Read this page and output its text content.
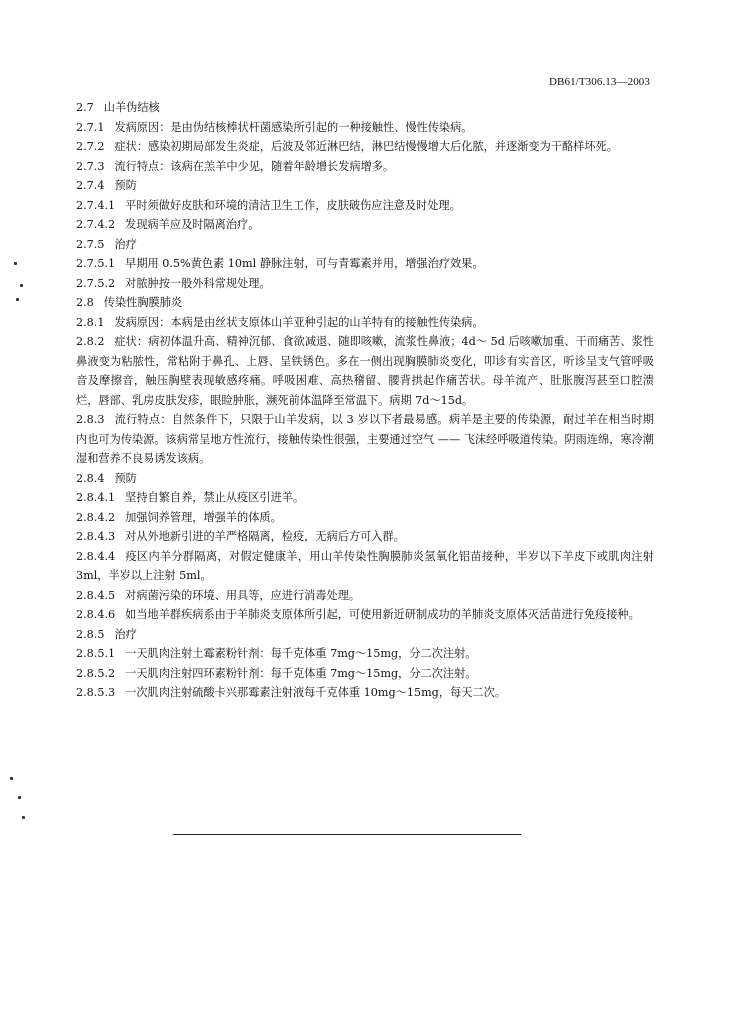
DB61/T306.13—2003
2.7 山羊伪结核
2.7.1 发病原因：是由伪结核棒状杆菌感染所引起的一种接触性、慢性传染病。
2.7.2 症状：感染初期局部发生炎症，后波及邻近淋巴结，淋巴结慢慢增大后化脓，并逐渐变为干酪样坏死。
2.7.3 流行特点：该病在羔羊中少见，随着年龄增长发病增多。
2.7.4 预防
2.7.4.1 平时须做好皮肤和环境的清洁卫生工作，皮肤破伤应注意及时处理。
2.7.4.2 发现病羊应及时隔离治疗。
2.7.5 治疗
2.7.5.1 早期用 0.5%黄色素 10ml 静脉注射，可与青霉素并用，增强治疗效果。
2.7.5.2 对脓肿按一般外科常规处理。
2.8 传染性胸膜肺炎
2.8.1 发病原因：本病是由丝状支原体山羊亚种引起的山羊特有的接触性传染病。
2.8.2 症状：病初体温升高、精神沉郁、食欲减退、随即咳嗽，流浆性鼻液；4d～ 5d 后咳嗽加重、干而痛苦、浆性鼻液变为粘脓性，常粘附于鼻孔、上唇、呈铁锈色。多在一侧出现胸膜肺炎变化，叩诊有实音区，听诊呈支气管呼吸音及摩擦音，触压胸壁表现敏感疼痛。呼吸困难、高热稽留、腰背拱起作痛苦状。母羊流产、肚胀腹泻甚至口腔溃烂，唇部、乳房皮肤发疹，眼睑肿胀，濒死前体温降至常温下。病期 7d～15d。
2.8.3 流行特点：自然条件下，只限于山羊发病，以 3 岁以下者最易感。病羊是主要的传染源，耐过羊在相当时期内也可为传染源。该病常呈地方性流行，接触传染性很强，主要通过空气 —— 飞沫经呼吸道传染。阴雨连绵，寒冷潮湿和营养不良易诱发该病。
2.8.4 预防
2.8.4.1 坚持自繁自养，禁止从疫区引进羊。
2.8.4.2 加强饲养管理，增强羊的体质。
2.8.4.3 对从外地新引进的羊严格隔离，检疫，无病后方可入群。
2.8.4.4 疫区内羊分群隔离，对假定健康羊，用山羊传染性胸膜肺炎氢氧化铝苗接种，半岁以下羊皮下或肌肉注射 3ml，半岁以上注射 5ml。
2.8.4.5 对病菌污染的环境、用具等，应进行消毒处理。
2.8.4.6 如当地羊群疾病系由于羊肺炎支原体所引起，可使用新近研制成功的羊肺炎支原体灭活苗进行免疫接种。
2.8.5 治疗
2.8.5.1 一天肌肉注射土霉素粉针剂：每千克体重 7mg～15mg，分二次注射。
2.8.5.2 一天肌肉注射四环素粉针剂：每千克体重 7mg～15mg，分二次注射。
2.8.5.3 一次肌肉注射硫酸卡兴那霉素注射液每千克体重 10mg～15mg，每天二次。
